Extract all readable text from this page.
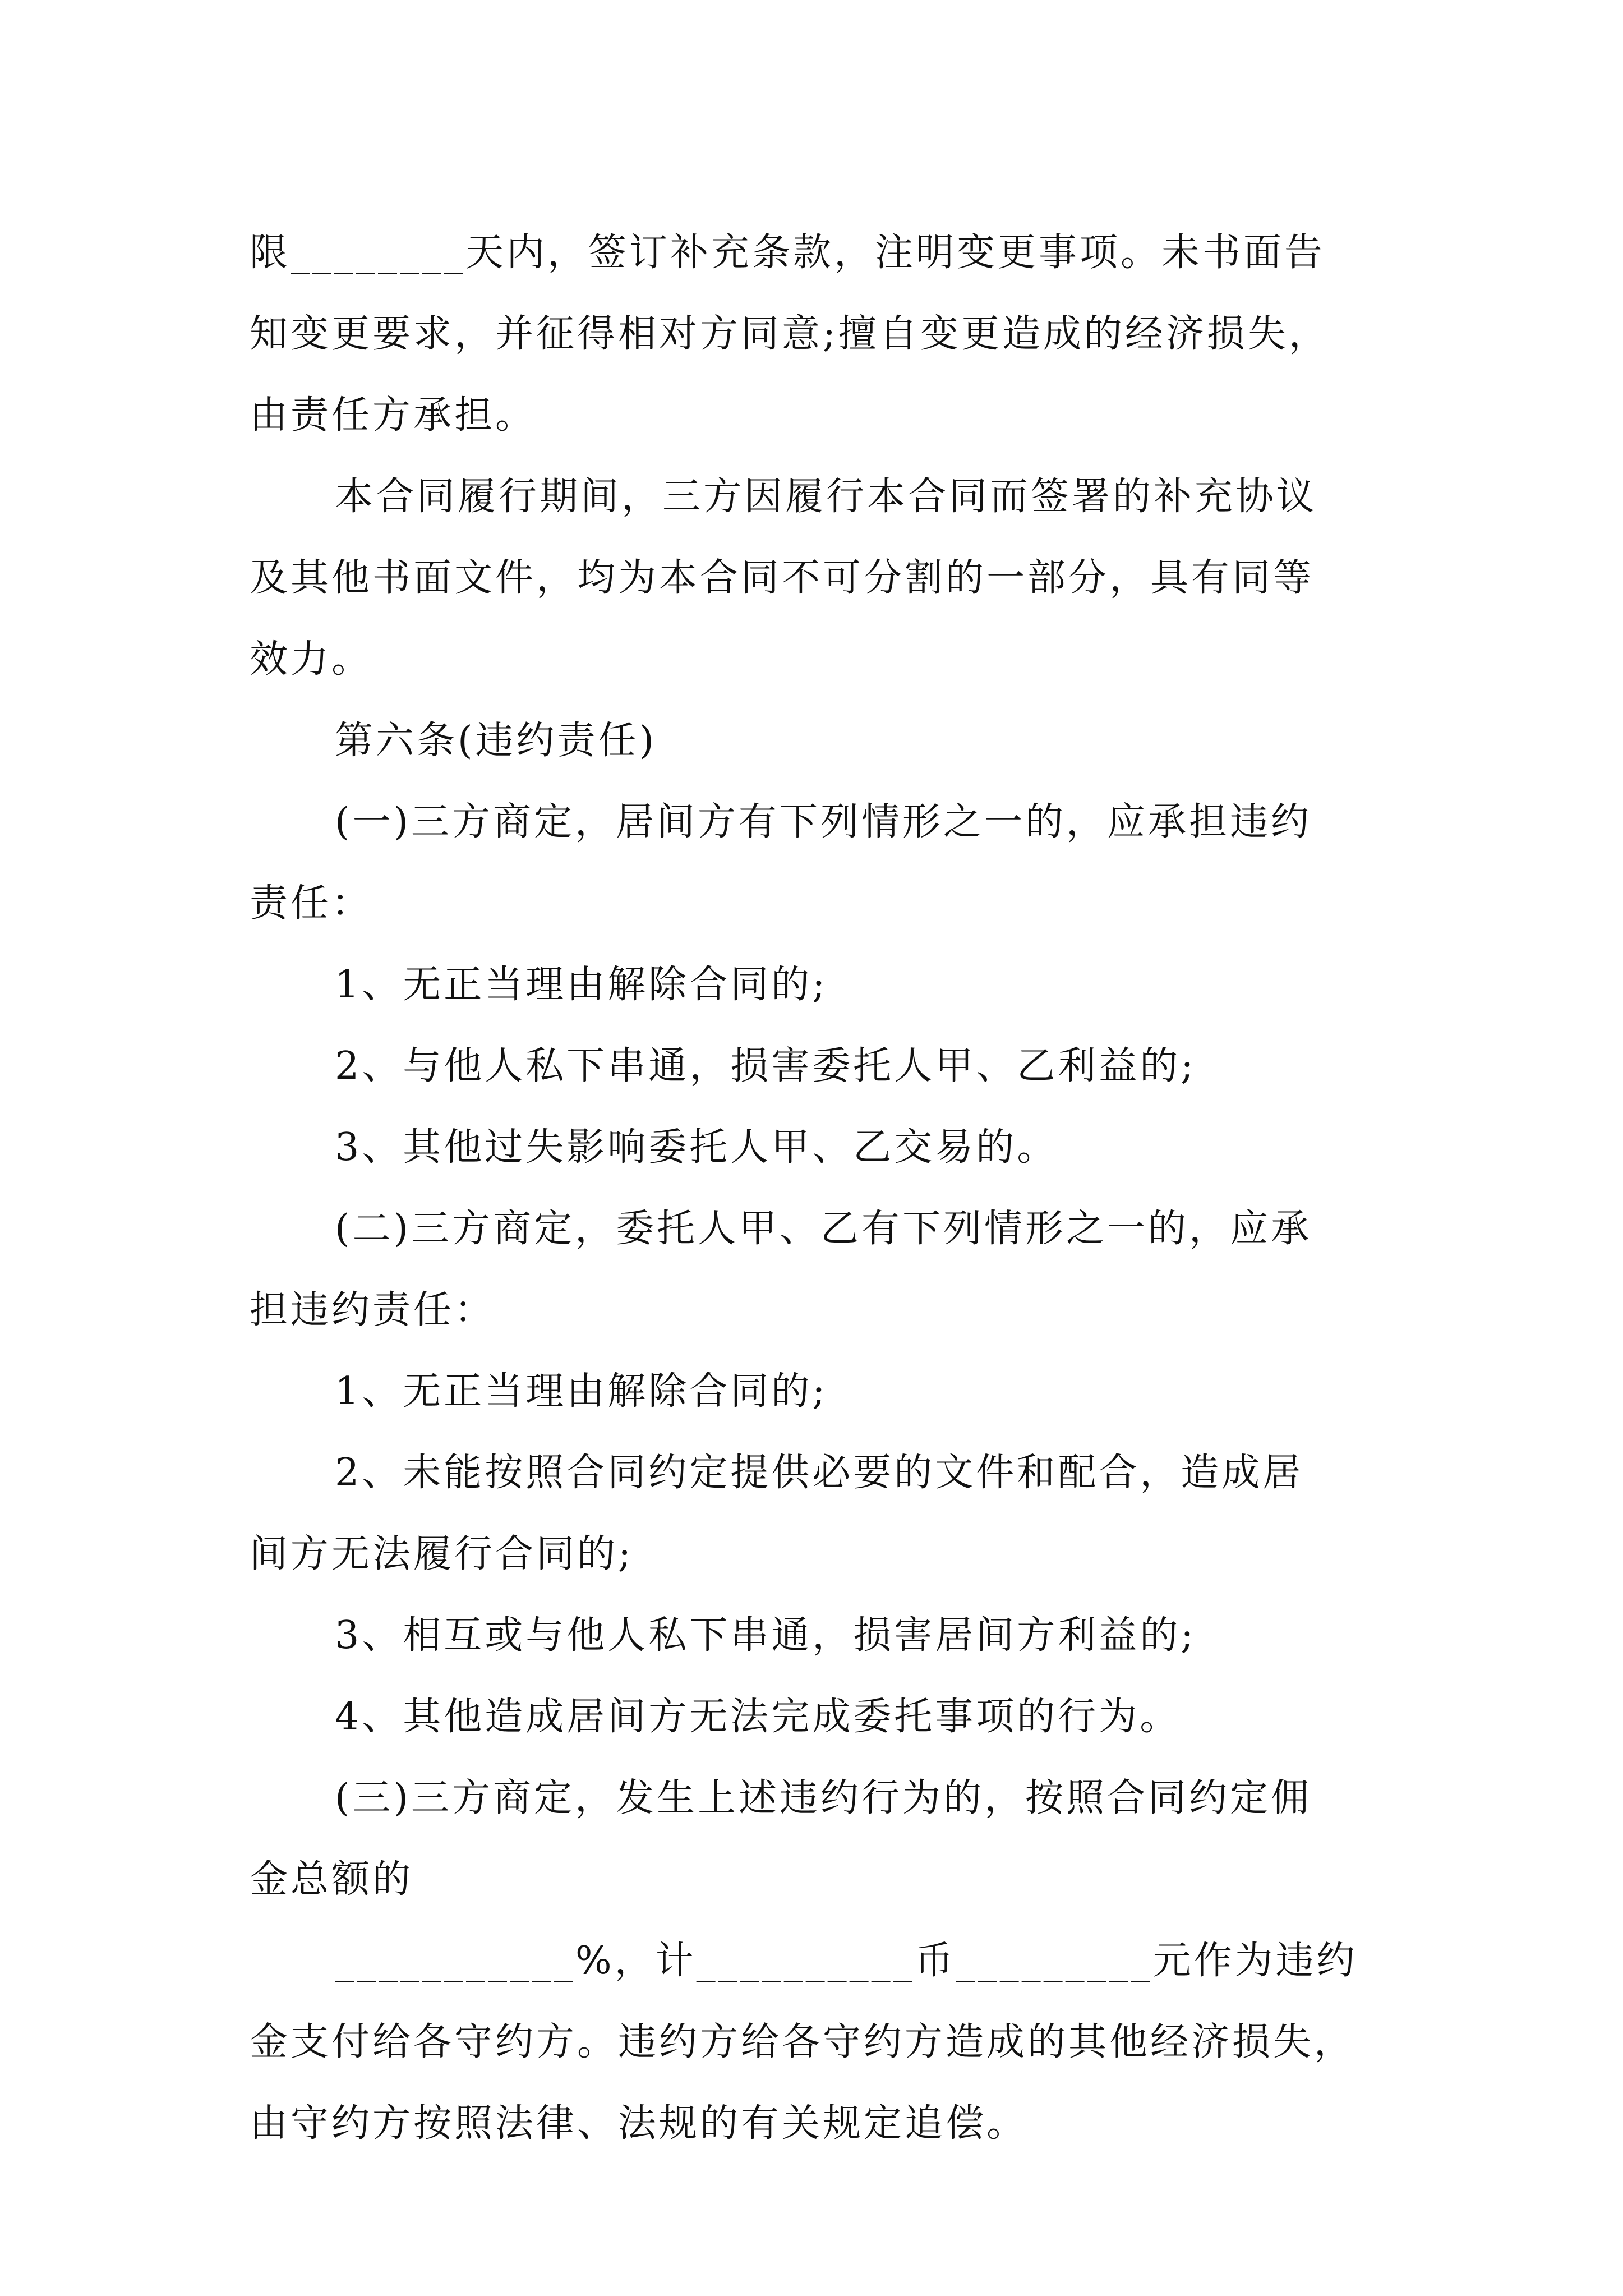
限________天内，签订补充条款，注明变更事项。未书面告
知变更要求，并征得相对方同意;擅自变更造成的经济损失，
由责任方承担。
本合同履行期间，三方因履行本合同而签署的补充协议
及其他书面文件，均为本合同不可分割的一部分，具有同等
效力。
第六条(违约责任)
(一)三方商定，居间方有下列情形之一的，应承担违约
责任：
1、无正当理由解除合同的;
2、与他人私下串通，损害委托人甲、乙利益的;
3、其他过失影响委托人甲、乙交易的。
(二)三方商定，委托人甲、乙有下列情形之一的，应承
担违约责任：
1、无正当理由解除合同的;
2、未能按照合同约定提供必要的文件和配合，造成居
间方无法履行合同的;
3、相互或与他人私下串通，损害居间方利益的;
4、其他造成居间方无法完成委托事项的行为。
(三)三方商定，发生上述违约行为的，按照合同约定佣
金总额的
___________%，计__________币_________元作为违约
金支付给各守约方。违约方给各守约方造成的其他经济损失，
由守约方按照法律、法规的有关规定追偿。
